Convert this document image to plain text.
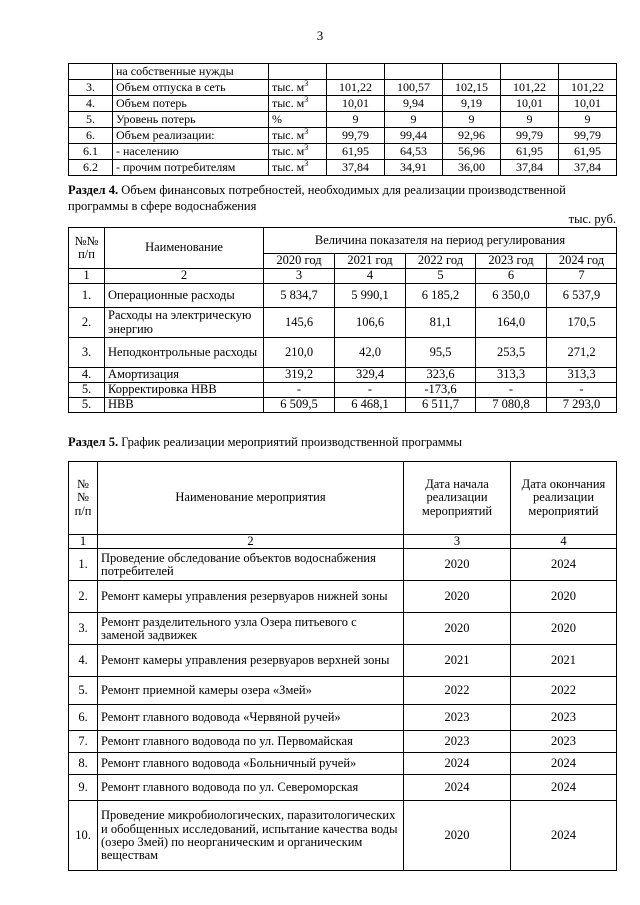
3
	на собственные нужды						
3.	Объем отпуска в сеть	тыс. $м^3$	101,22	100,57	102,15	101,22	101,22
4.	Объем потерь	тыс. $м^3$	10,01	9,94	9,19	10,01	10,01
5.	Уровень потерь	%	9	9	9	9	9
6.	Объем реализации:	тыс. $м^3$	99,79	99,44	92,96	99,79	99,79
6.1	- населению	тыс. $м^3$	61,95	64,53	56,96	61,95	61,95
6.2	- прочим потребителям	тыс. $м^3$	37,84	34,91	36,00	37,84	37,84
Раздел 4. Объем финансовых потребностей, необходимых для реализации производственной программы в сфере водоснабжения
тыс. руб.
№№ п/п	Наименование	Величина показателя на период регулирования				
		2020 год	2021 год	2022 год	2023 год	2024 год
1	2	3	4	5	6	7
1.	Операционные расходы	5 834,7	5 990,1	6 185,2	6 350,0	6 537,9
2.	Расходы на электрическую энергию	145,6	106,6	81,1	164,0	170,5
3.	Неподконтрольные расходы	210,0	42,0	95,5	253,5	271,2
4.	Амортизация	319,2	329,4	323,6	313,3	313,3
5.	Корректировка НВВ	-	-	-173,6	-	-
5.	НВВ	6 509,5	6 468,1	6 511,7	7 080,8	7 293,0
Раздел 5. График реализации мероприятий производственной программы
№№ п/п	Наименование мероприятия	Дата начала реализации мероприятий	Дата окончания реализации мероприятий
1	2	3	4
1.	Проведение обследование объектов водоснабжения потребителей	2020	2024
2.	Ремонт камеры управления резервуаров нижней зоны	2020	2020
3.	Ремонт разделительного узла Озера питьевого с заменой задвижек	2020	2020
4.	Ремонт камеры управления резервуаров верхней зоны	2021	2021
5.	Ремонт приемной камеры озера «Змей»	2022	2022
6.	Ремонт главного водовода «Червяной ручей»	2023	2023
7.	Ремонт главного водовода по ул. Первомайская	2023	2023
8.	Ремонт главного водовода «Больничный ручей»	2024	2024
9.	Ремонт главного водовода по ул. Североморская	2024	2024
10.	Проведение микробиологических, паразитологических и обобщенных исследований, испытание качества воды (озеро Змей) по неорганическим и органическим веществам	2020	2024
